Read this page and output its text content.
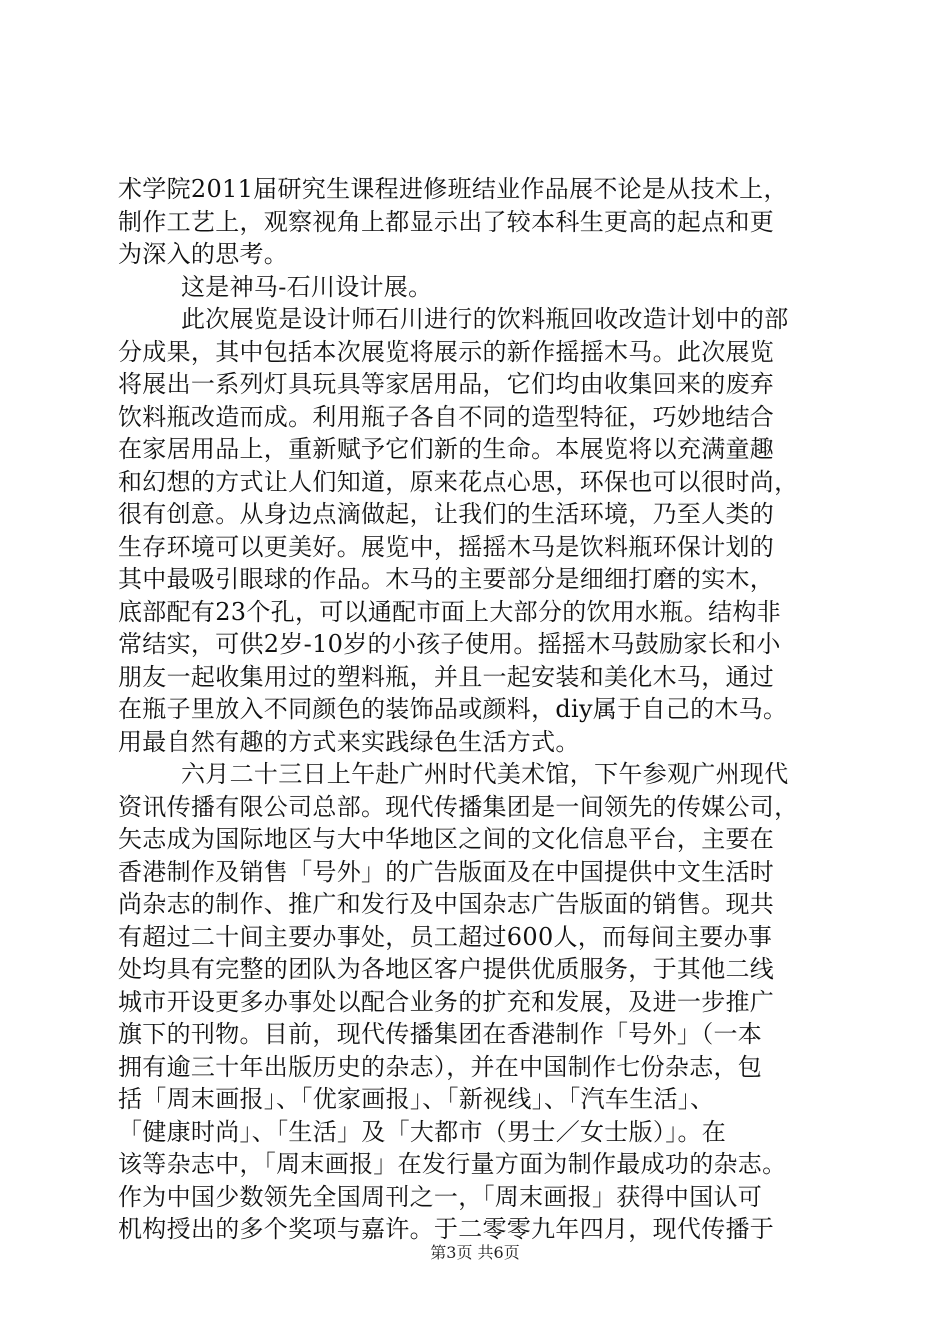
术学院2011届研究生课程进修班结业作品展不论是从技术上，
制作工艺上，观察视角上都显示出了较本科生更高的起点和更
为深入的思考。
这是神马-石川设计展。
此次展览是设计师石川进行的饮料瓶回收改造计划中的部
分成果，其中包括本次展览将展示的新作摇摇木马。此次展览
将展出一系列灯具玩具等家居用品，它们均由收集回来的废弃
饮料瓶改造而成。利用瓶子各自不同的造型特征，巧妙地结合
在家居用品上，重新赋予它们新的生命。本展览将以充满童趣
和幻想的方式让人们知道，原来花点心思，环保也可以很时尚，
很有创意。从身边点滴做起，让我们的生活环境，乃至人类的
生存环境可以更美好。展览中，摇摇木马是饮料瓶环保计划的
其中最吸引眼球的作品。木马的主要部分是细细打磨的实木，
底部配有23个孔，可以通配市面上大部分的饮用水瓶。结构非
常结实，可供2岁-10岁的小孩子使用。摇摇木马鼓励家长和小
朋友一起收集用过的塑料瓶，并且一起安装和美化木马，通过
在瓶子里放入不同颜色的装饰品或颜料，diy属于自己的木马。
用最自然有趣的方式来实践绿色生活方式。
六月二十三日上午赴广州时代美术馆，下午参观广州现代
资讯传播有限公司总部。现代传播集团是一间领先的传媒公司，
矢志成为国际地区与大中华地区之间的文化信息平台，主要在
香港制作及销售「号外」的广告版面及在中国提供中文生活时
尚杂志的制作、推广和发行及中国杂志广告版面的销售。现共
有超过二十间主要办事处，员工超过600人，而每间主要办事
处均具有完整的团队为各地区客户提供优质服务，于其他二线
城市开设更多办事处以配合业务的扩充和发展，及进一步推广
旗下的刊物。目前，现代传播集团在香港制作「号外」（一本
拥有逾三十年出版历史的杂志），并在中国制作七份杂志，包
括「周末画报」、「优家画报」、「新视线」、「汽车生活」、
「健康时尚」、「生活」及「大都市（男士／女士版）」。在
该等杂志中，「周末画报」在发行量方面为制作最成功的杂志。
作为中国少数领先全国周刊之一，「周末画报」获得中国认可
机构授出的多个奖项与嘉许。于二零零九年四月，现代传播于
第3页 共6页
